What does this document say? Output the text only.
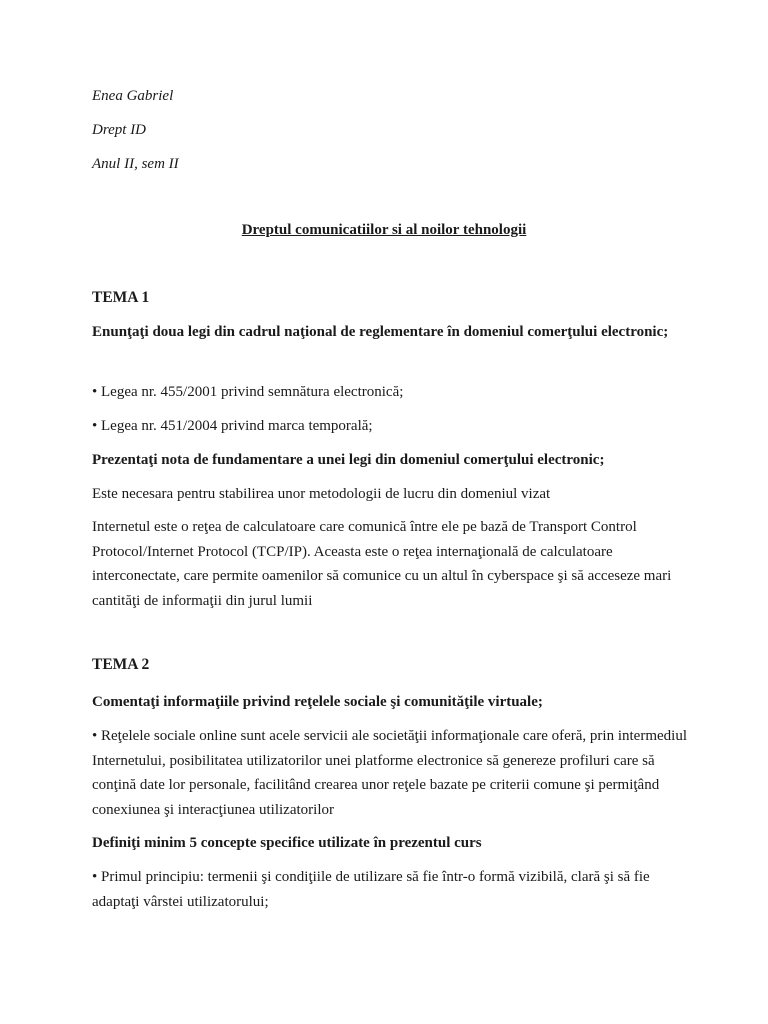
Enea Gabriel
Drept ID
Anul II, sem II
Dreptul comunicatiilor si al noilor tehnologii
TEMA 1
Enunţaţi doua legi din cadrul naţional de reglementare în domeniul comerţului electronic;
• Legea nr. 455/2001 privind semnătura electronică;
• Legea nr. 451/2004 privind marca temporală;
Prezentaţi nota de fundamentare a unei legi din domeniul comerţului electronic;
Este necesara pentru stabilirea unor metodologii de lucru din domeniul vizat
Internetul este o reţea de calculatoare care comunică între ele pe bază de Transport Control Protocol/Internet Protocol (TCP/IP). Aceasta este o reţea internaţională de calculatoare interconectate, care permite oamenilor să comunice cu un altul în cyberspace şi să acceseze mari cantităţi de informaţii din jurul lumii
TEMA 2
Comentaţi informaţiile privind reţelele sociale şi comunităţile virtuale;
• Reţelele sociale online sunt acele servicii ale societăţii informaţionale care oferă, prin intermediul Internetului, posibilitatea utilizatorilor unei platforme electronice să genereze profiluri care să conţină date lor personale, facilitând crearea unor reţele bazate pe criterii comune şi permiţând conexiunea şi interacţiunea utilizatorilor
Definiţi minim 5 concepte specifice utilizate în prezentul curs
• Primul principiu: termenii şi condiţiile de utilizare să fie într-o formă vizibilă, clară şi să fie adaptaţi vârstei utilizatorului;
